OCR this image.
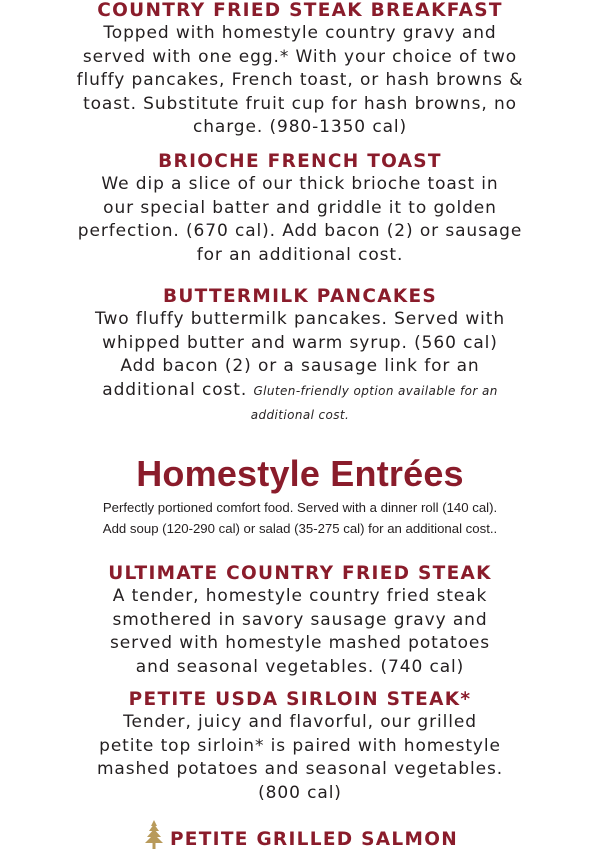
COUNTRY FRIED STEAK BREAKFAST
Topped with homestyle country gravy and
served with one egg.* With your choice of two
fluffy pancakes, French toast, or hash browns &
toast. Substitute fruit cup for hash browns, no
charge. (980-1350 cal)
BRIOCHE FRENCH TOAST
We dip a slice of our thick brioche toast in
our special batter and griddle it to golden
perfection. (670 cal). Add bacon (2) or sausage
for an additional cost.
BUTTERMILK PANCAKES
Two fluffy buttermilk pancakes. Served with
whipped butter and warm syrup. (560 cal)
Add bacon (2) or a sausage link for an
additional cost. Gluten-friendly option available for an
additional cost.
Homestyle Entrées
Perfectly portioned comfort food. Served with a dinner roll (140 cal).
Add soup (120-290 cal) or salad (35-275 cal) for an additional cost..
ULTIMATE COUNTRY FRIED STEAK
A tender, homestyle country fried steak
smothered in savory sausage gravy and
served with homestyle mashed potatoes
and seasonal vegetables. (740 cal)
PETITE USDA SIRLOIN STEAK*
Tender, juicy and flavorful, our grilled
petite top sirloin* is paired with homestyle
mashed potatoes and seasonal vegetables.
(800 cal)
PETITE GRILLED SALMON
